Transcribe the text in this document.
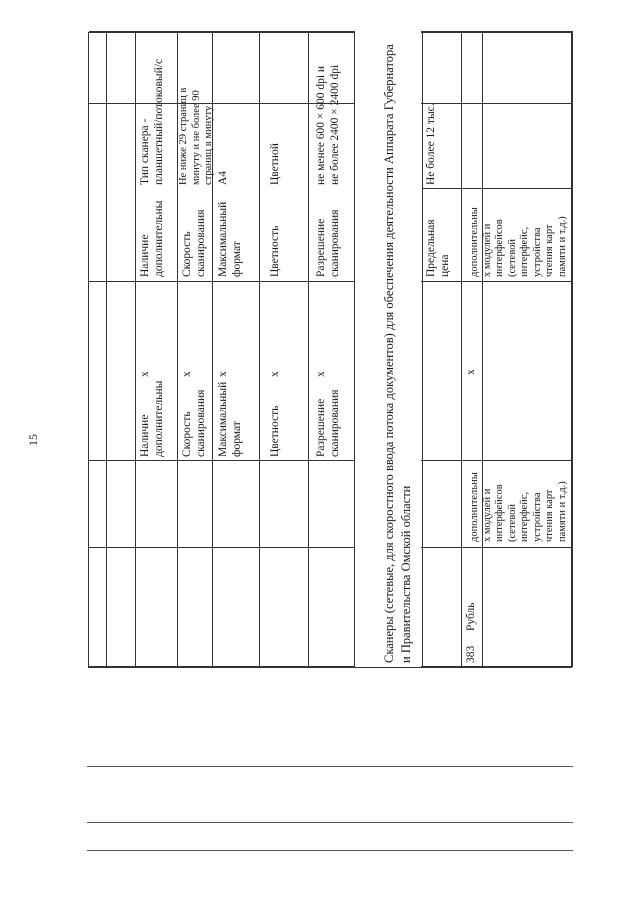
15
дополнительны х модулей и интерфейсов (сетевой интерфейс, устройства чтения карт памяти и т.д.)
дополнительны х модулей и интерфейсов (сетевой интерфейс, устройства чтения карт памяти и т.д.)
383
Рубль
x
Предельная цена
Не более 12 тыс.
Сканеры (сетевые, для скоростного ввода потока документов) для обеспечения деятельности Аппарата Губернатора и Правительства Омской области
Разрешение сканирования
x
Разрешение сканирования
не менее 600 × 600 dpi и не более 2400 × 2400 dpi
Цветность
x
Цветность
Цветной
Максимальный формат
x
Максимальный формат
A4
Скорость сканирования
x
Скорость сканирования
Не ниже 29 страниц в минуту и не более 90 страниц в минуту
Наличие дополнительны
x
Наличие дополнительны
Тип сканера - планшетный/потоковый/с
